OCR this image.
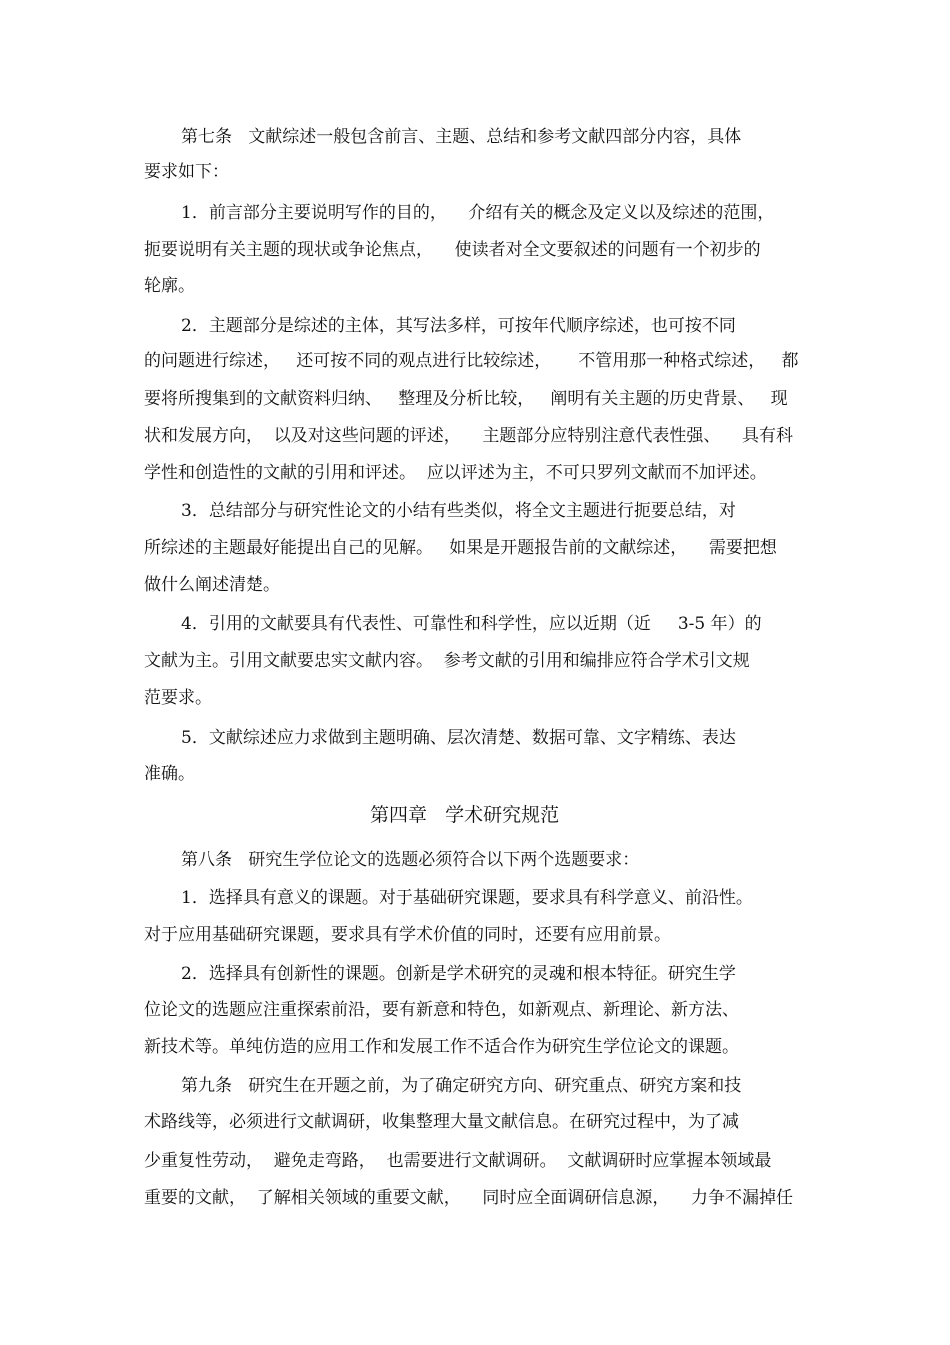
第七条   文献综述一般包含前言、主题、总结和参考文献四部分内容，具体

要求如下：

1．前言部分主要说明写作的目的，    介绍有关的概念及定义以及综述的范围，

扼要说明有关主题的现状或争论焦点，    使读者对全文要叙述的问题有一个初步的

轮廓。

2．主题部分是综述的主体，其写法多样，可按年代顺序综述，也可按不同

的问题进行综述，   还可按不同的观点进行比较综述，     不管用那一种格式综述，   都

要将所搜集到的文献资料归纳、   整理及分析比较，   阐明有关主题的历史背景、   现

状和发展方向，  以及对这些问题的评述，    主题部分应特别注意代表性强、    具有科

学性和创造性的文献的引用和评述。  应以评述为主，不可只罗列文献而不加评述。

3．总结部分与研究性论文的小结有些类似，将全文主题进行扼要总结，对

所综述的主题最好能提出自己的见解。   如果是开题报告前的文献综述，    需要把想

做什么阐述清楚。

4．引用的文献要具有代表性、可靠性和科学性，应以近期（近     3-5 年）的

文献为主。引用文献要忠实文献内容。  参考文献的引用和编排应符合学术引文规

范要求。

5．文献综述应力求做到主题明确、层次清楚、数据可靠、文字精练、表达

准确。

第四章   学术研究规范

第八条   研究生学位论文的选题必须符合以下两个选题要求：

1．选择具有意义的课题。对于基础研究课题，要求具有科学意义、前沿性。

对于应用基础研究课题，要求具有学术价值的同时，还要有应用前景。

2．选择具有创新性的课题。创新是学术研究的灵魂和根本特征。研究生学

位论文的选题应注重探索前沿，要有新意和特色，如新观点、新理论、新方法、

新技术等。单纯仿造的应用工作和发展工作不适合作为研究生学位论文的课题。

第九条   研究生在开题之前，为了确定研究方向、研究重点、研究方案和技

术路线等，必须进行文献调研，收集整理大量文献信息。在研究过程中，为了减

少重复性劳动，  避免走弯路，  也需要进行文献调研。  文献调研时应掌握本领域最

重要的文献，  了解相关领域的重要文献，    同时应全面调研信息源，    力争不漏掉任
